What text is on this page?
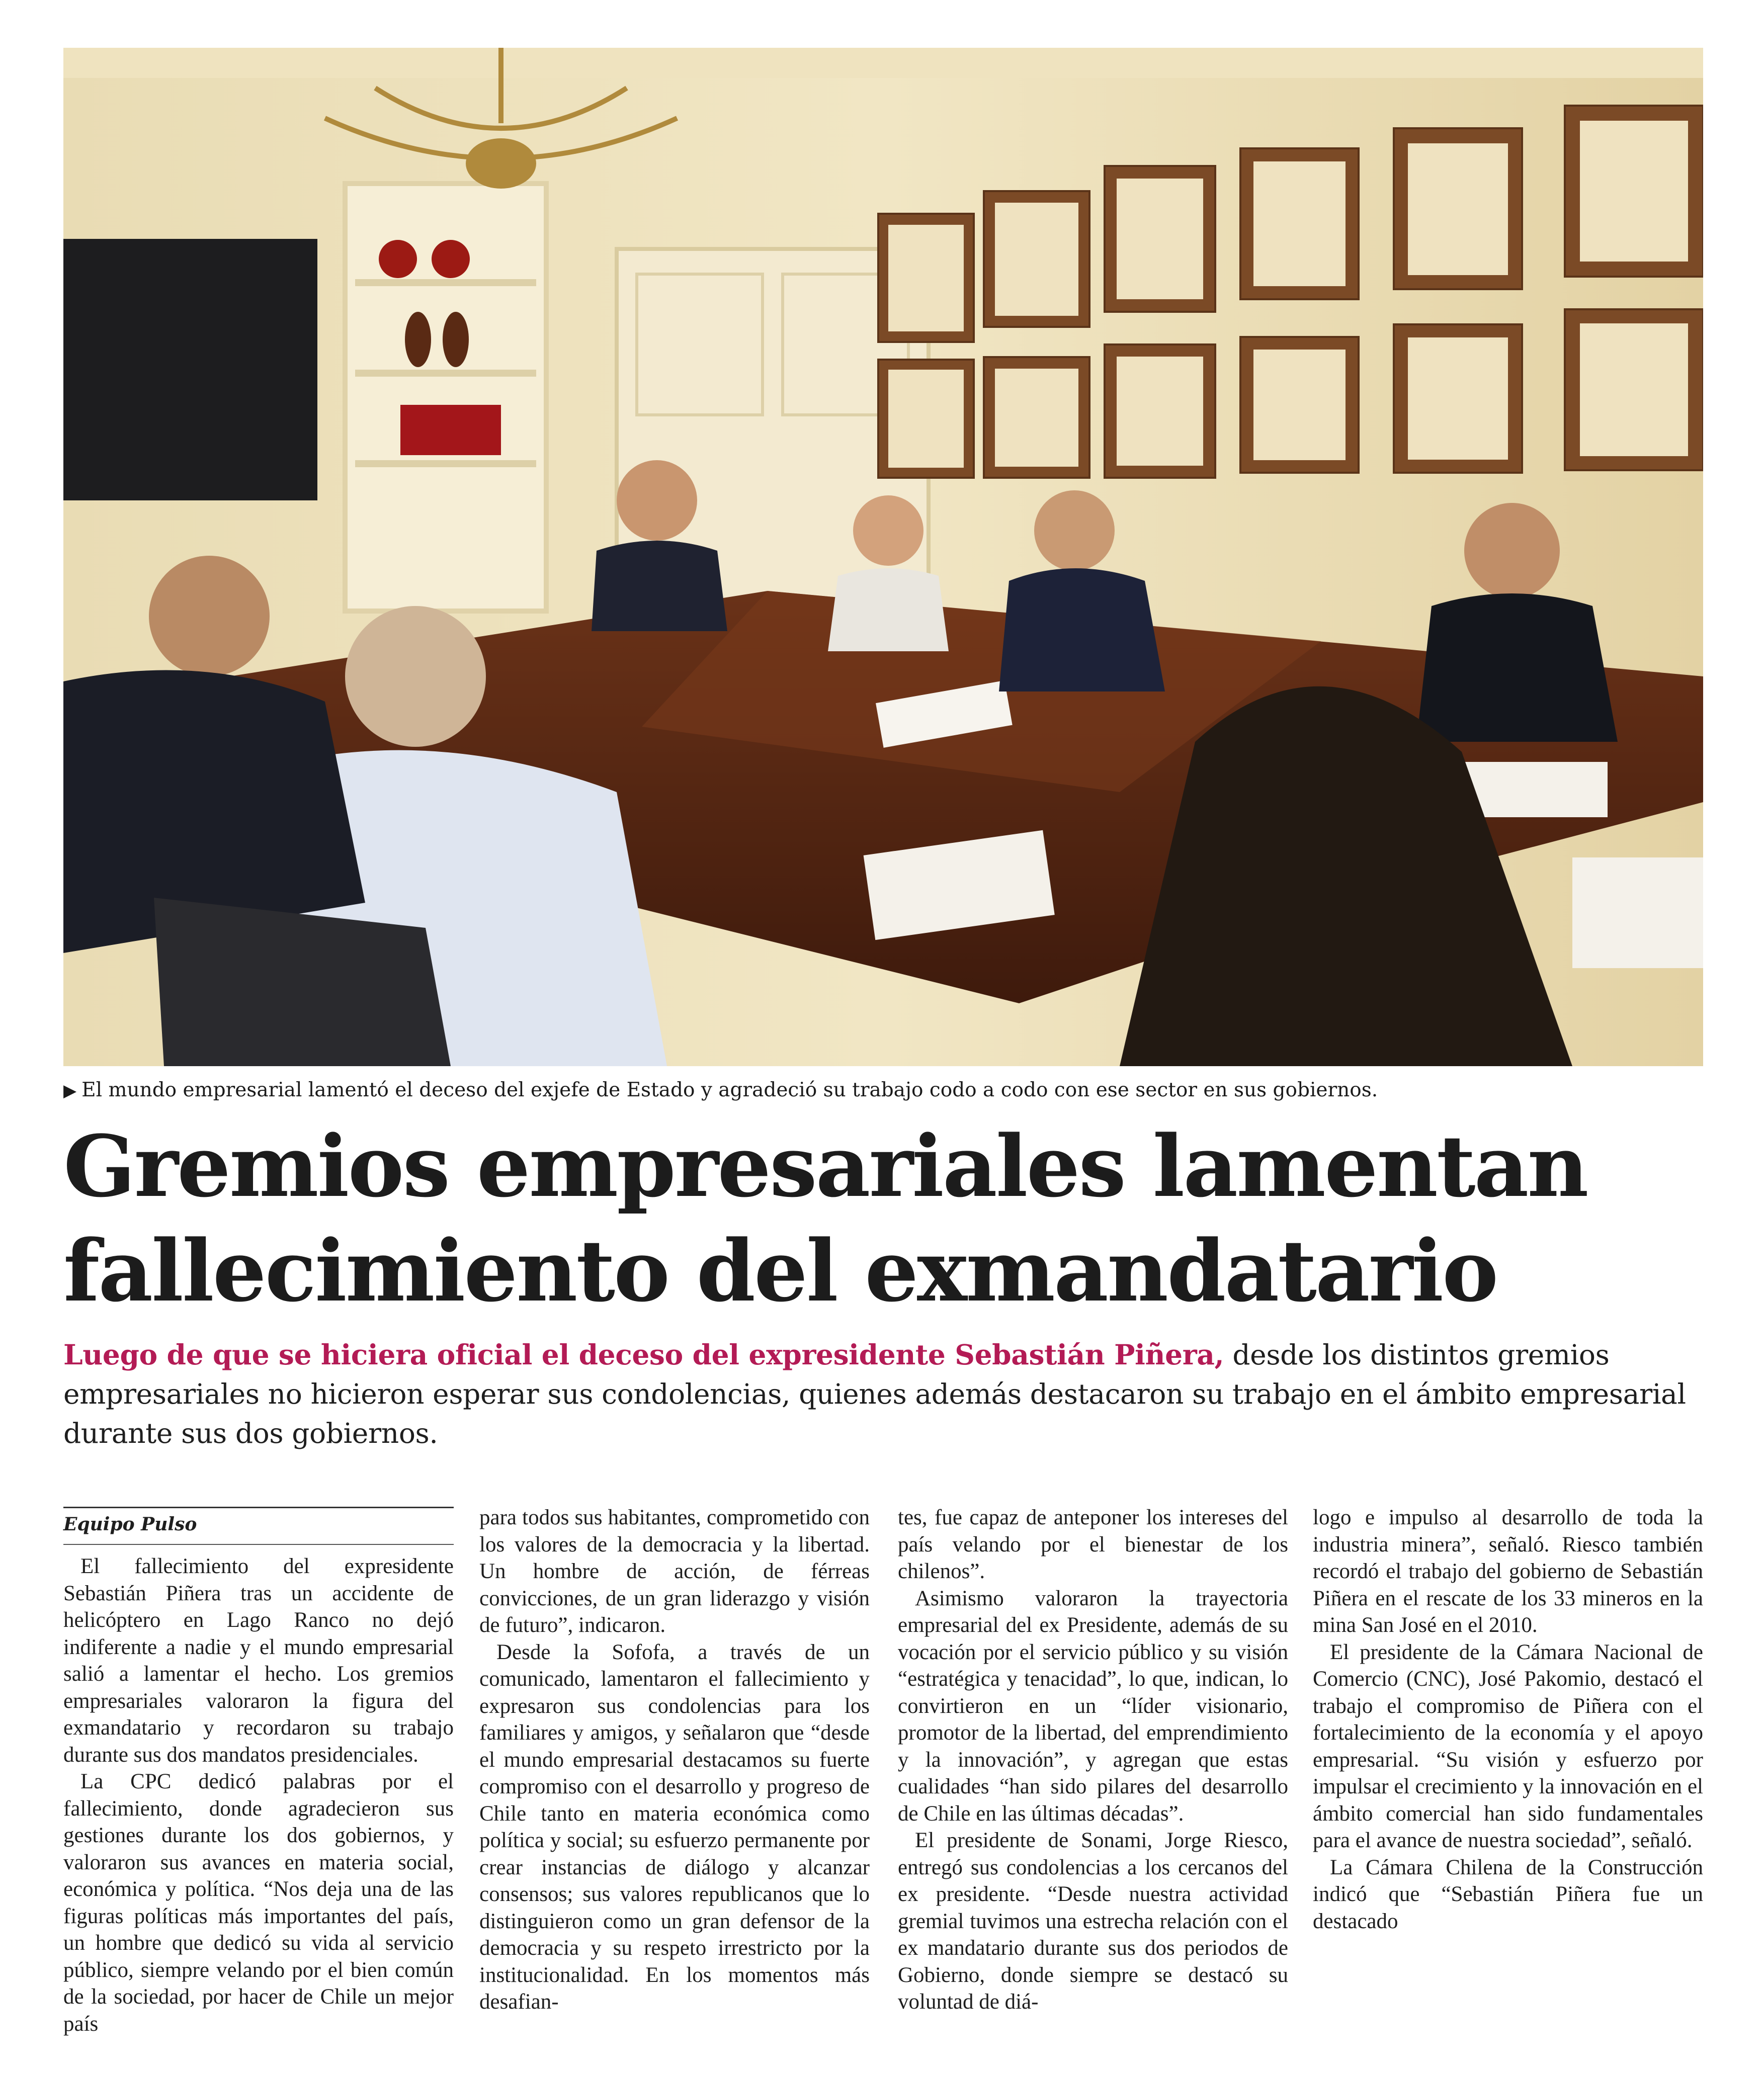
▶ El mundo empresarial lamentó el deceso del exjefe de Estado y agradeció su trabajo codo a codo con ese sector en sus gobiernos.
Gremios empresariales lamentan
fallecimiento del exmandatario
Luego de que se hiciera oficial el deceso del expresidente Sebastián Piñera, desde los distintos gremios empresariales no hicieron esperar sus condolencias, quienes además destacaron su trabajo en el ámbito empresarial durante sus dos gobiernos.
Equipo Pulso

El fallecimiento del expresidente Sebastián Piñera tras un accidente de helicóptero en Lago Ranco no dejó indiferente a nadie y el mundo empresarial salió a lamentar el hecho. Los gremios empresariales valoraron la figura del exmandatario y recordaron su trabajo durante sus dos mandatos presidenciales.

La CPC dedicó palabras por el fallecimiento, donde agradecieron sus gestiones durante los dos gobiernos, y valoraron sus avances en materia social, económica y política. “Nos deja una de las figuras políticas más importantes del país, un hombre que dedicó su vida al servicio público, siempre velando por el bien común de la sociedad, por hacer de Chile un mejor país

para todos sus habitantes, comprometido con los valores de la democracia y la libertad. Un hombre de acción, de férreas convicciones, de un gran liderazgo y visión de futuro”, indicaron.

Desde la Sofofa, a través de un comunicado, lamentaron el fallecimiento y expresaron sus condolencias para los familiares y amigos, y señalaron que “desde el mundo empresarial destacamos su fuerte compromiso con el desarrollo y progreso de Chile tanto en materia económica como política y social; su esfuerzo permanente por crear instancias de diálogo y alcanzar consensos; sus valores republicanos que lo distinguieron como un gran defensor de la democracia y su respeto irrestricto por la institucionalidad. En los momentos más desafian-

tes, fue capaz de anteponer los intereses del país velando por el bienestar de los chilenos”.

Asimismo valoraron la trayectoria empresarial del ex Presidente, además de su vocación por el servicio público y su visión “estratégica y tenacidad”, lo que, indican, lo convirtieron en un “líder visionario, promotor de la libertad, del emprendimiento y la innovación”, y agregan que estas cualidades “han sido pilares del desarrollo de Chile en las últimas décadas”.

El presidente de Sonami, Jorge Riesco, entregó sus condolencias a los cercanos del ex presidente. “Desde nuestra actividad gremial tuvimos una estrecha relación con el ex mandatario durante sus dos periodos de Gobierno, donde siempre se destacó su voluntad de diá-

logo e impulso al desarrollo de toda la industria minera”, señaló. Riesco también recordó el trabajo del gobierno de Sebastián Piñera en el rescate de los 33 mineros en la mina San José en el 2010.

El presidente de la Cámara Nacional de Comercio (CNC), José Pakomio, destacó el trabajo el compromiso de Piñera con el fortalecimiento de la economía y el apoyo empresarial. “Su visión y esfuerzo por impulsar el crecimiento y la innovación en el ámbito comercial han sido fundamentales para el avance de nuestra sociedad”, señaló.

La Cámara Chilena de la Construcción indicó que “Sebastián Piñera fue un destacado
